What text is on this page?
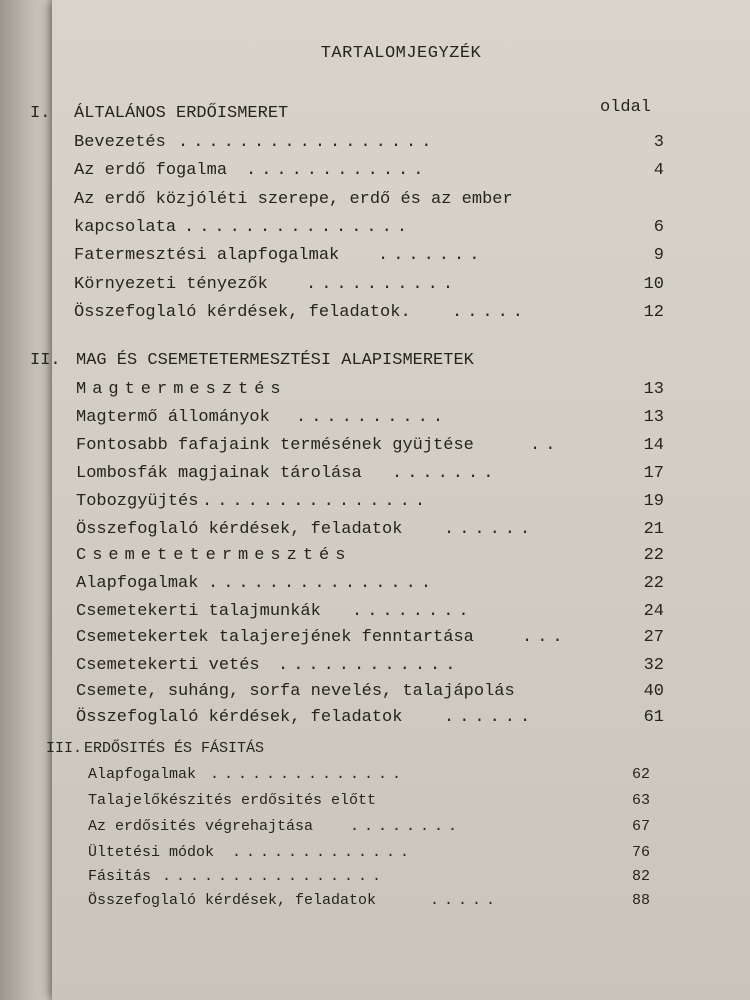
TARTALOMJEGYZÉK
oldal
I. ÁLTALÁNOS ERDŐISMERET
Bevezetés .................	3
Az erdő fogalma ............	4
Az erdő közjóléti szerepe, erdő és az ember
kapcsolata ...............	6
Fatermesztési alapfogalmak .......	9
Környezeti tényezők ..........	10
Összefoglaló kérdések, feladatok. .....	12
II. MAG ÉS CSEMETETERMESZTÉSI ALAPISMERETEK
Magtermesztés	13
Magtermő állományok ..........	13
Fontosabb fafajaink termésének gyüjtése	..	14
Lombosfák magjainak tárolása .......	17
Tobozgyüjtés ...............	19
Összefoglaló kérdések, feladatok ......	21
Csemetetermesztés	22
Alapfogalmak ...............	22
Csemetekerti talajmunkák ........	24
Csemetekertek talajerejének fenntartása	...	27
Csemetekerti vetés ............	32
Csemete, suháng, sorfa nevelés, talajápolás	40
Összefoglaló kérdések, feladatok ......	61
III. ERDŐSITÉS ÉS FÁSITÁS
Alapfogalmak ..............	62
Talajelőkészités erdősités előtt	63
Az erdősités végrehajtása ........	67
Ültetési módok .............	76
Fásitás ................	82
Összefoglaló kérdések, feladatok	.....	88
